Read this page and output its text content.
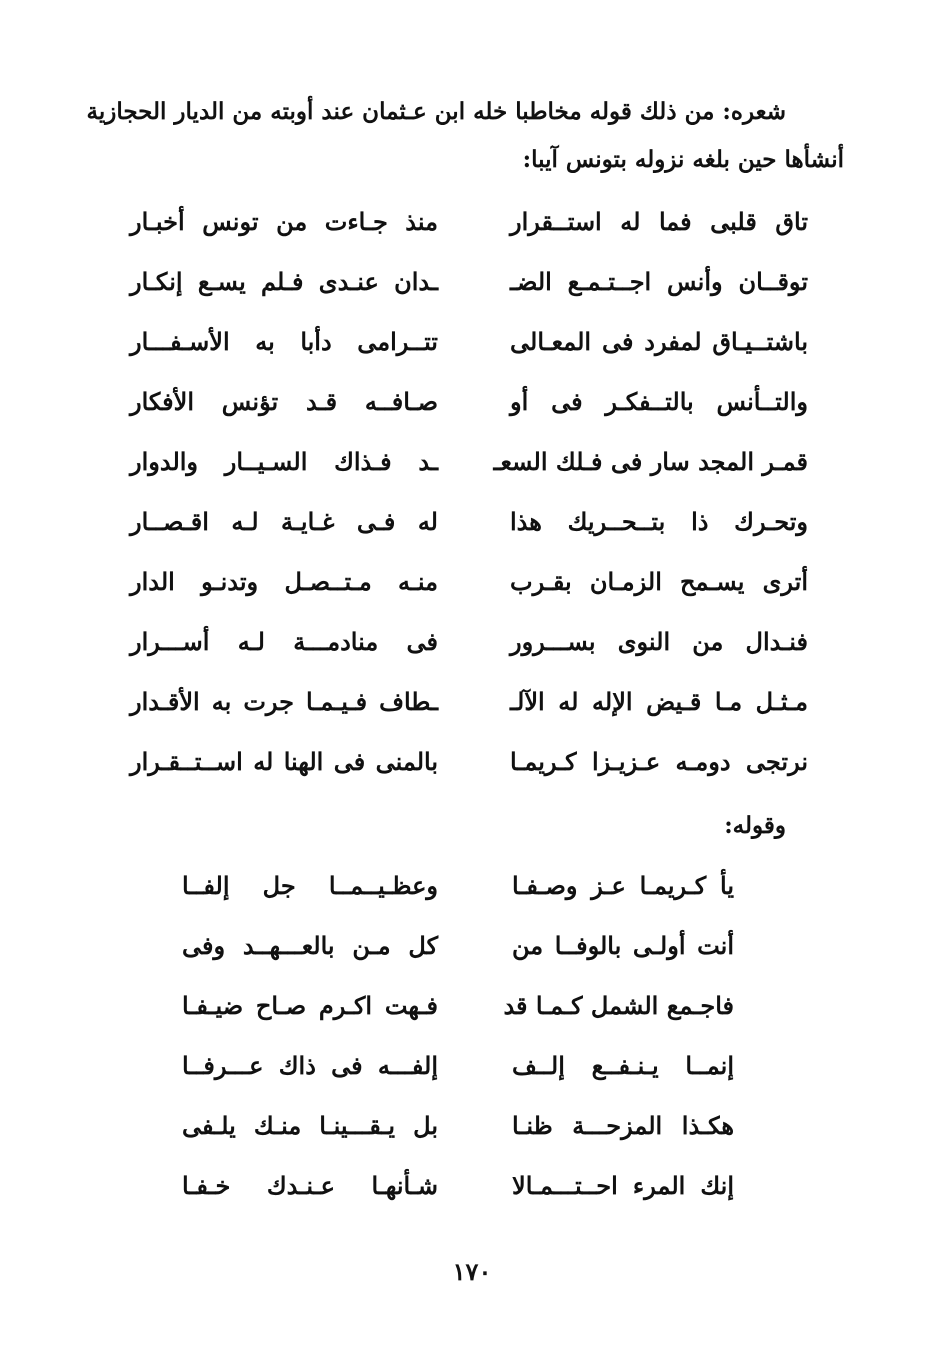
شعره: من ذلك قوله مخاطبا خله ابن عـثمان عند أوبته من الديار الحجازية
أنشأها حين بلغه نزوله بتونس آيبا:
تاق قلبى فما له استــقرار
منذ جـاءت من تونس أخبـار
توقــان وأنس اجــتـمـع الضـ
ـدان عنـدى فـلم يسـع إنكـار
باشتــيـاق لمفرد فى المعـالى
تتــرامى دأبا به الأسـفـــار
والتــأنس بالتــفكـر فى أو
صـافــه قـد تؤنس الأفكار
قمـر المجد سار فى فـلك السعـ
ـد فـذاك السـيــار والدوار
وتحـرك ذا بتــحــريك هذا
له فـى غـايـة لـه اقـصــار
أترى يسـمح الزمـان بقـرب
منـه مـتــصـل وتدنـو الدار
فنـدال من النوى بســـرور
فى منادمـــة لـه أســـرار
مـثـل مـا قـيض الإله له الآلـ
ـطاف فـيـمـا جرت به الأقـدار
نرتجى دومـه عـزيـزا كـريمـا
بالمنى فى الهنا له اســتــقـرار
وقوله:
يأ كـريمـا عـز وصـفـا
وعظـيــمــا جل إلفــا
أنت أولـى بالوفــا من
كل مـن بالعـــهــد وفى
فاجـمع الشمل كـمـا قد
فـهت اكـرم صـاح ضيـفـا
إنمــا يـنـفــع إلــف
إلفـــه فى ذاك عـــرفــا
هكـذا المزحـــة ظنـا
بل يـقـــينـا منـك يلـفى
إنك المرء احــتـــمـالا
شـأنهـا عـنـدك خـفـا
١٧٠
